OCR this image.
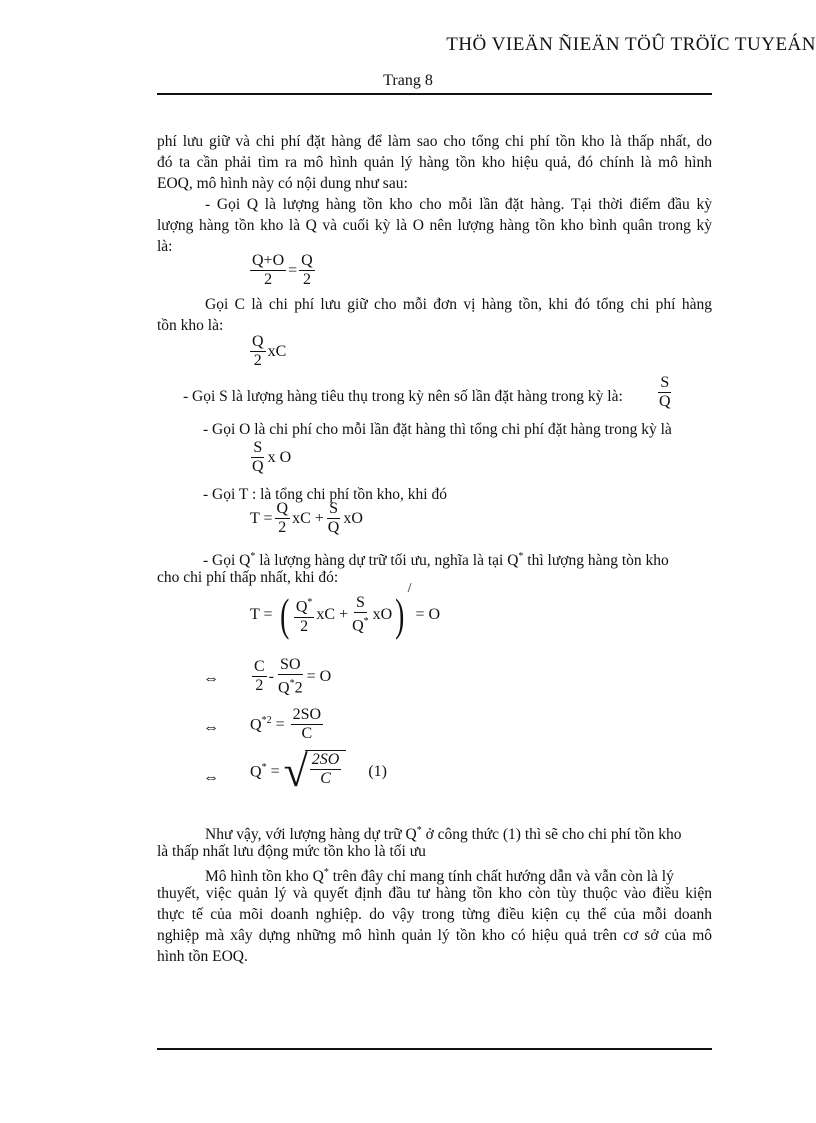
THÖ VIEÄN ÑIEÄN TÖÛ TRÖÏC TUYEÁN
Trang 8
phí lưu giữ và chi phí đặt hàng để làm sao cho tổng chi phí tồn kho là thấp nhất, do
đó ta cần phải tìm ra mô hình quản lý hàng tồn kho hiệu quả, đó chính là mô hình
EOQ, mô hình này có nội dung như sau:
- Gọi Q là lượng hàng tồn kho cho mỗi lần đặt hàng. Tại thời điểm đầu kỳ
lượng hàng tồn kho là Q và cuối kỳ là O nên lượng hàng tồn kho bình quân trong kỳ
là:
$\frac{Q+O}{2} = \frac{Q}{2}$
Gọi C là chi phí lưu giữ cho mỗi đơn vị hàng tồn, khi đó tổng chi phí hàng
tồn kho là:
$\frac{Q}{2}$ xC
- Gọi S là lượng hàng tiêu thụ trong kỳ nên số lần đặt hàng trong kỳ là:	$\frac{S}{Q}$
- Gọi O là chi phí cho mỗi lần đặt hàng thì tổng chi phí đặt hàng trong kỳ là
$\frac{S}{Q}$ x O
- Gọi T : là tổng chi phí tồn kho, khi đó
$T = \frac{Q}{2}$ xC + $\frac{S}{Q}$ xO
- Gọi Q* là lượng hàng dự trữ tối ưu, nghĩa là tại Q* thì lượng hàng tòn kho
cho chi phí thấp nhất, khi đó:
T = ( $\frac{Q^*}{2}$ xC + $\frac{S}{Q^*} xO)/ = O$
⇔ $\frac{C}{2} - \frac{SO}{Q^*2} = O$
⇔ $Q^{*2} = \frac{2SO}{C}$
⇔ Q* = √ $\frac{2SO}{C} (1)$
Như vậy, với lượng hàng dự trữ Q* ở công thức (1) thì sẽ cho chi phí tồn kho
là thấp nhất lưu động mức tồn kho là tối ưu
Mô hình tồn kho Q* trên đây chỉ mang tính chất hướng dẫn và vẫn còn là lý
thuyết, việc quản lý và quyết định đầu tư hàng tồn kho còn tùy thuộc vào điều kiện
thực tế của mõi doanh nghiệp. do vậy trong từng điều kiện cụ thể của mỗi doanh
nghiệp mà xây dựng những mô hình quản lý tồn kho có hiệu quả trên cơ sở của mô
hình tồn EOQ.
